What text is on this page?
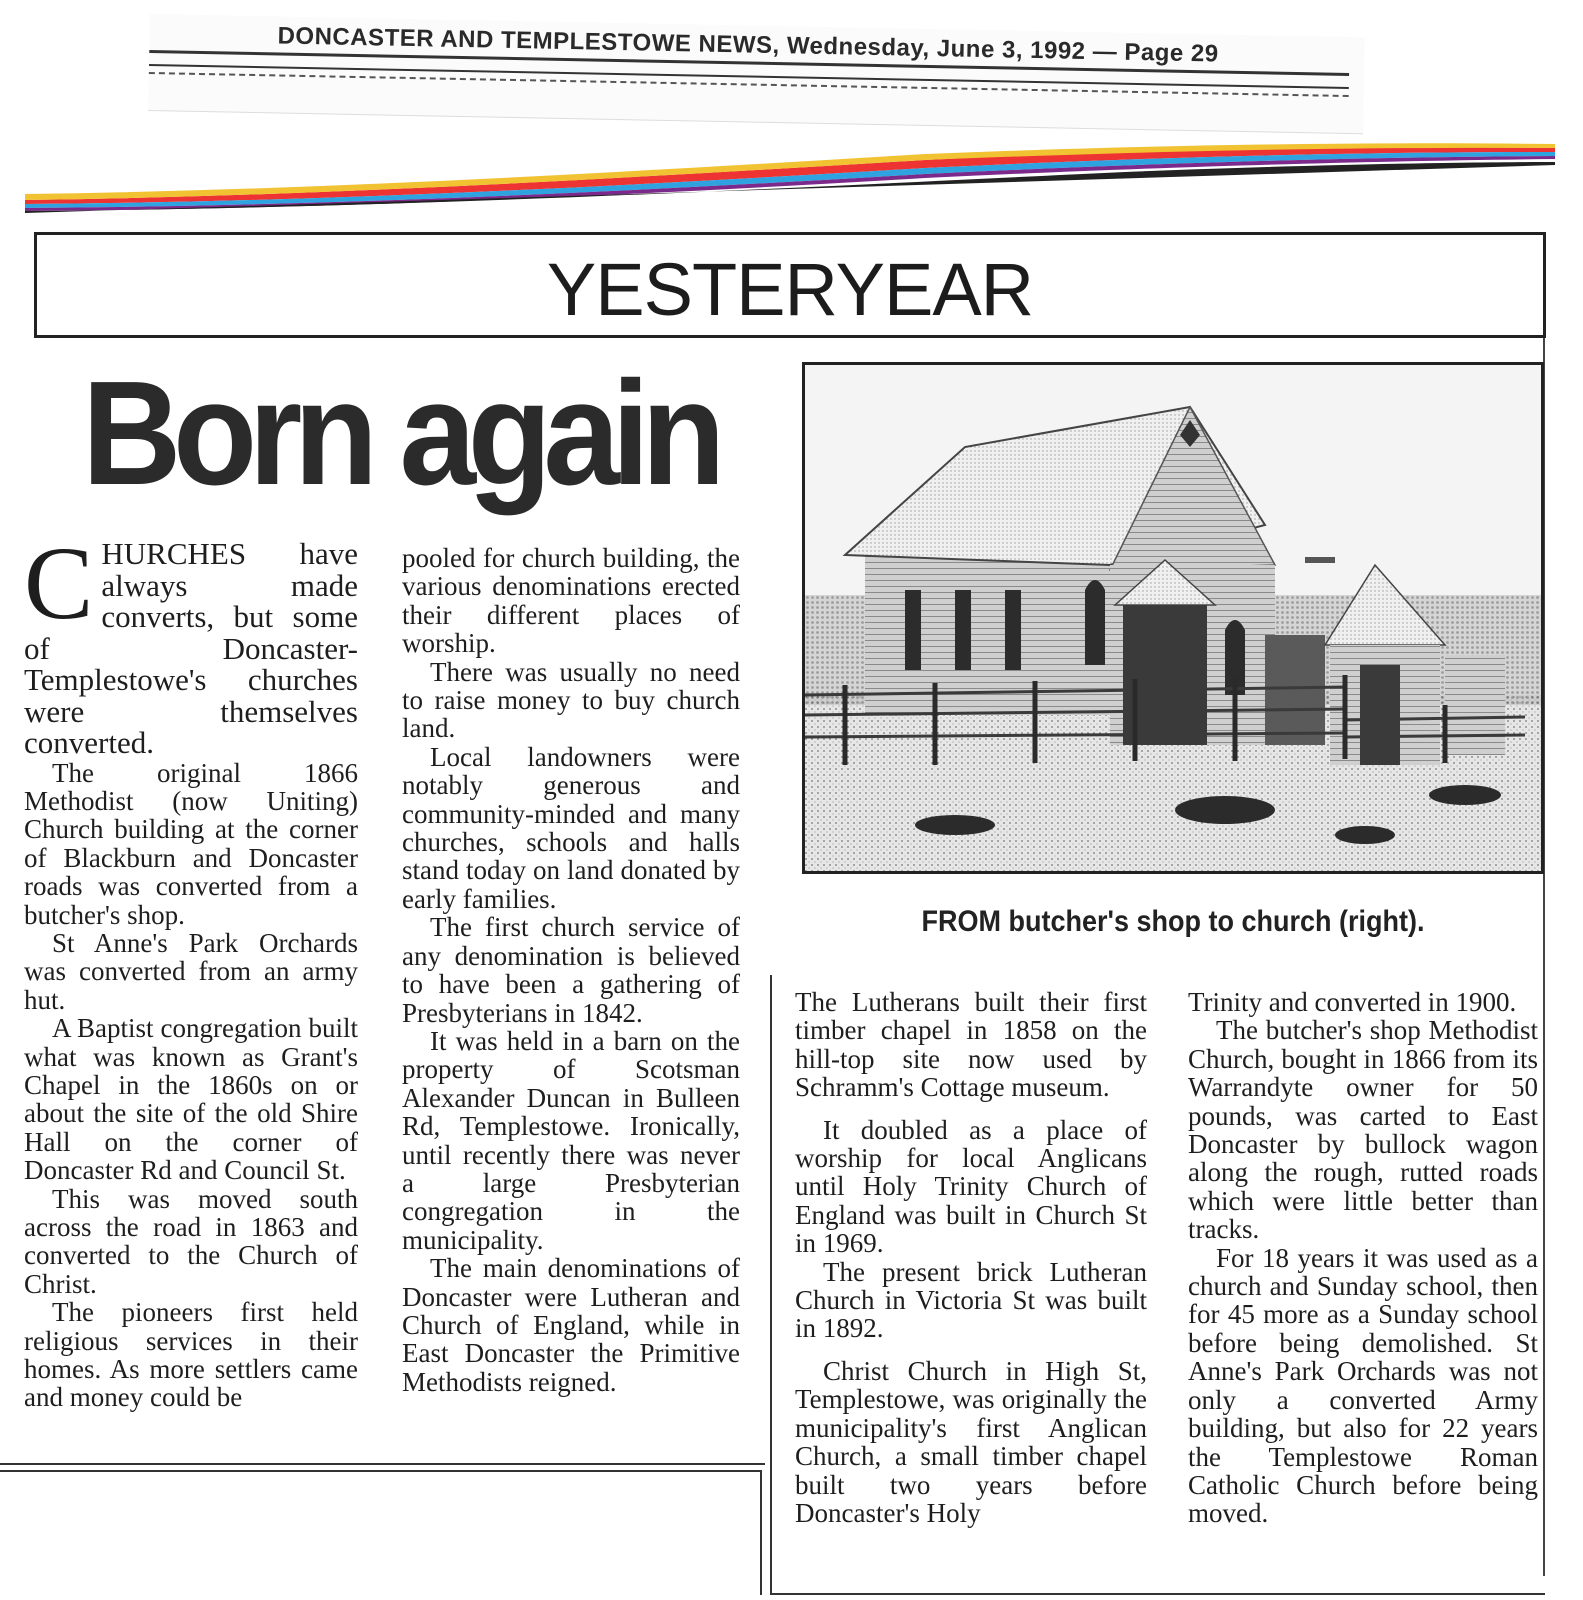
DONCASTER AND TEMPLESTOWE NEWS, Wednesday, June 3, 1992 — Page 29
YESTERYEAR
Born again

CHURCHES have always made converts, but some of Doncaster-Templestowe's churches were themselves converted.

The original 1866 Methodist (now Uniting) Church building at the corner of Blackburn and Doncaster roads was converted from a butcher's shop.

St Anne's Park Orchards was converted from an army hut.

A Baptist congregation built what was known as Grant's Chapel in the 1860s on or about the site of the old Shire Hall on the corner of Doncaster Rd and Council St.

This was moved south across the road in 1863 and converted to the Church of Christ.

The pioneers first held religious services in their homes. As more settlers came and money could be

pooled for church building, the various denominations erected their different places of worship.

There was usually no need to raise money to buy church land.

Local landowners were notably generous and community-minded and many churches, schools and halls stand today on land donated by early families.

The first church service of any denomination is believed to have been a gathering of Presbyterians in 1842.

It was held in a barn on the property of Scotsman Alexander Duncan in Bulleen Rd, Templestowe. Ironically, until recently there was never a large Presbyterian congregation in the municipality.

The main denominations of Doncaster were Lutheran and Church of England, while in East Doncaster the Primitive Methodists reigned.

FROM butcher's shop to church (right).

The Lutherans built their first timber chapel in 1858 on the hill-top site now used by Schramm's Cottage museum.

It doubled as a place of worship for local Anglicans until Holy Trinity Church of England was built in Church St in 1969.

The present brick Lutheran Church in Victoria St was built in 1892.

Christ Church in High St, Templestowe, was originally the municipality's first Anglican Church, a small timber chapel built two years before Doncaster's Holy

Trinity and converted in 1900.

The butcher's shop Methodist Church, bought in 1866 from its Warrandyte owner for 50 pounds, was carted to East Doncaster by bullock wagon along the rough, rutted roads which were little better than tracks.

For 18 years it was used as a church and Sunday school, then for 45 more as a Sunday school before being demolished. St Anne's Park Orchards was not only a converted Army building, but also for 22 years the Templestowe Roman Catholic Church before being moved.
